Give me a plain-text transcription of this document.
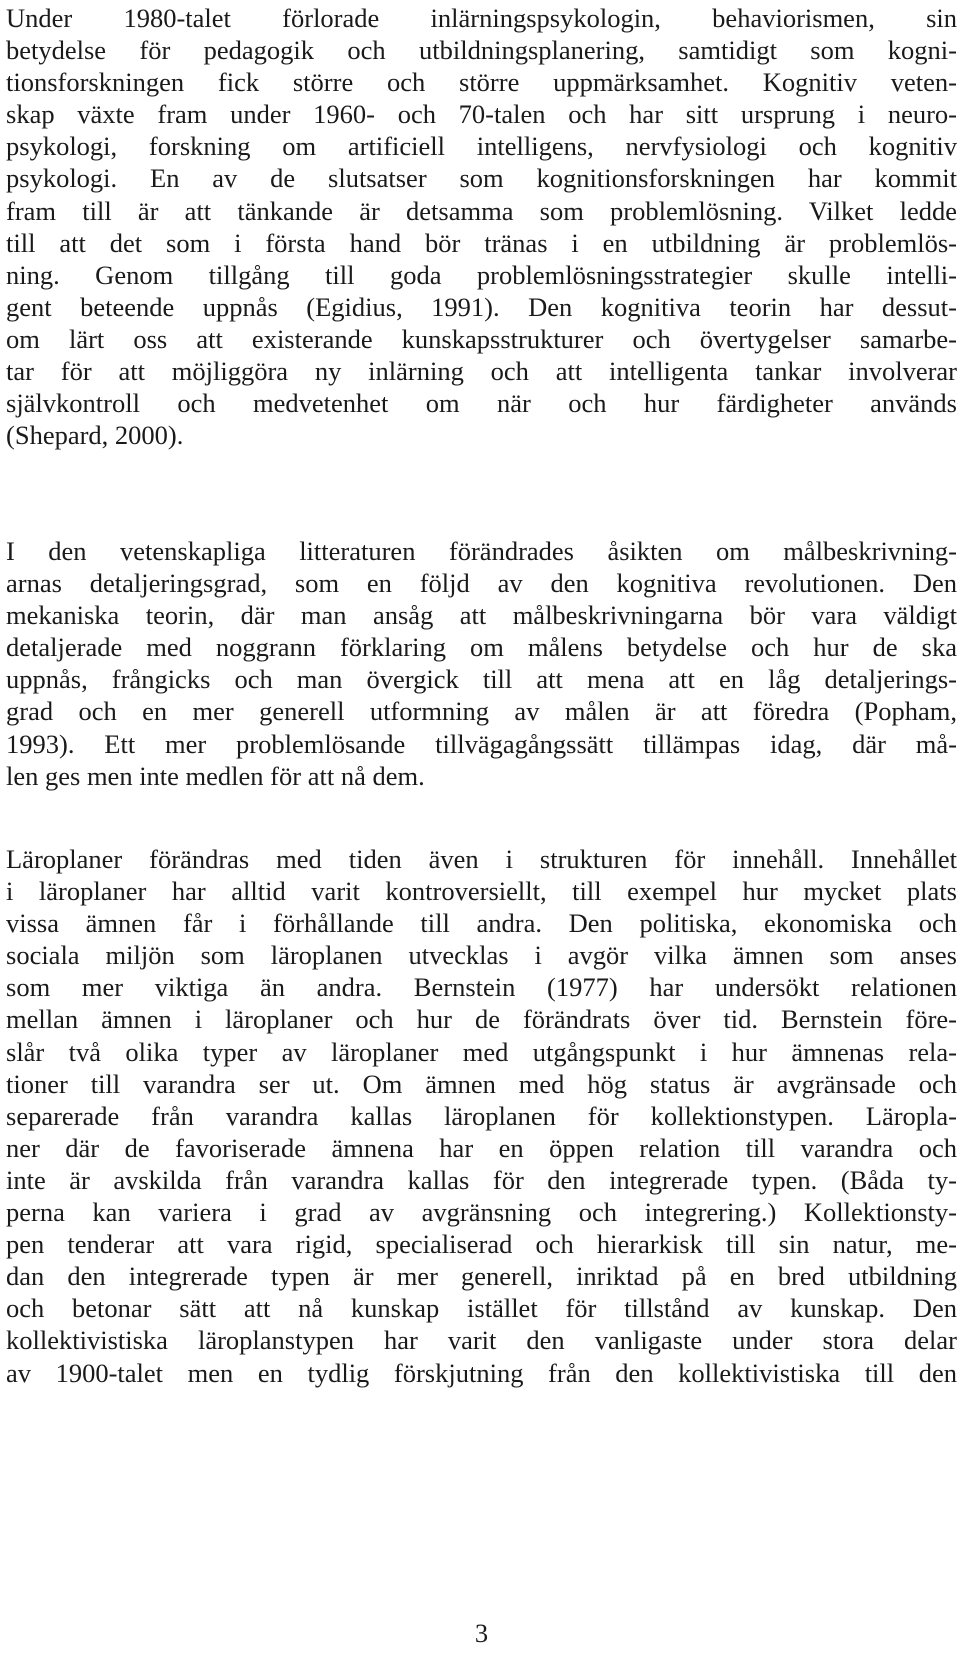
Under 1980-talet förlorade inlärningspsykologin, behaviorismen, sin
betydelse för pedagogik och utbildningsplanering, samtidigt som kogni-
tionsforskningen fick större och större uppmärksamhet. Kognitiv veten-
skap växte fram under 1960- och 70-talen och har sitt ursprung i neuro-
psykologi, forskning om artificiell intelligens, nervfysiologi och kognitiv
psykologi. En av de slutsatser som kognitionsforskningen har kommit
fram till är att tänkande är detsamma som problemlösning. Vilket ledde
till att det som i första hand bör tränas i en utbildning är problemlös-
ning. Genom tillgång till goda problemlösningsstrategier skulle intelli-
gent beteende uppnås (Egidius, 1991). Den kognitiva teorin har dessut-
om lärt oss att existerande kunskapsstrukturer och övertygelser samarbe-
tar för att möjliggöra ny inlärning och att intelligenta tankar involverar
självkontroll och medvetenhet om när och hur färdigheter används
(Shepard, 2000).
I den vetenskapliga litteraturen förändrades åsikten om målbeskrivning-
arnas detaljeringsgrad, som en följd av den kognitiva revolutionen. Den
mekaniska teorin, där man ansåg att målbeskrivningarna bör vara väldigt
detaljerade med noggrann förklaring om målens betydelse och hur de ska
uppnås, frångicks och man övergick till att mena att en låg detaljerings-
grad och en mer generell utformning av målen är att föredra (Popham,
1993). Ett mer problemlösande tillvägagångssätt tillämpas idag, där må-
len ges men inte medlen för att nå dem.
Läroplaner förändras med tiden även i strukturen för innehåll. Innehållet
i läroplaner har alltid varit kontroversiellt, till exempel hur mycket plats
vissa ämnen får i förhållande till andra. Den politiska, ekonomiska och
sociala miljön som läroplanen utvecklas i avgör vilka ämnen som anses
som mer viktiga än andra. Bernstein (1977) har undersökt relationen
mellan ämnen i läroplaner och hur de förändrats över tid. Bernstein före-
slår två olika typer av läroplaner med utgångspunkt i hur ämnenas rela-
tioner till varandra ser ut. Om ämnen med hög status är avgränsade och
separerade från varandra kallas läroplanen för kollektionstypen. Läropla-
ner där de favoriserade ämnena har en öppen relation till varandra och
inte är avskilda från varandra kallas för den integrerade typen. (Båda ty-
perna kan variera i grad av avgränsning och integrering.) Kollektionsty-
pen tenderar att vara rigid, specialiserad och hierarkisk till sin natur, me-
dan den integrerade typen är mer generell, inriktad på en bred utbildning
och betonar sätt att nå kunskap istället för tillstånd av kunskap. Den
kollektivistiska läroplanstypen har varit den vanligaste under stora delar
av 1900-talet men en tydlig förskjutning från den kollektivistiska till den
3
